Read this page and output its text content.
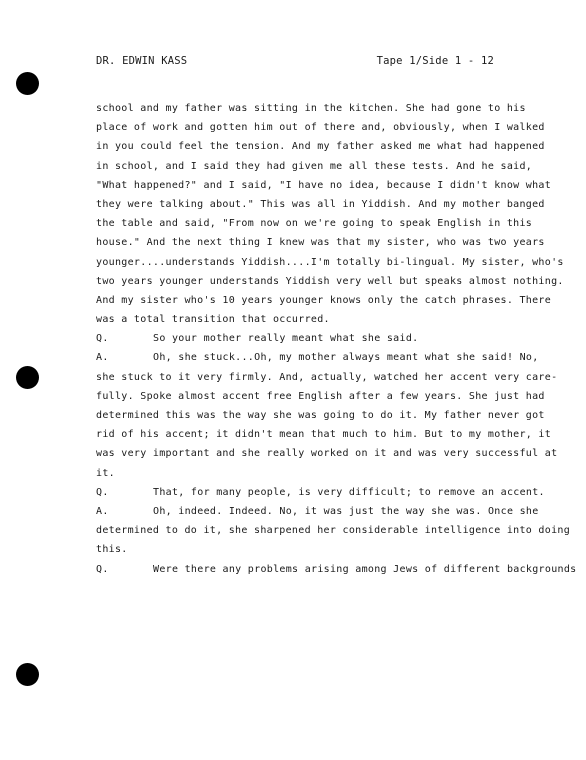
DR. EDWIN KASS	Tape 1/Side 1 - 12
school and my father was sitting in the kitchen. She had gone to his
place of work and gotten him out of there and, obviously, when I walked
in you could feel the tension. And my father asked me what had happened
in school, and I said they had given me all these tests. And he said,
"What happened?" and I said, "I have no idea, because I didn't know what
they were talking about." This was all in Yiddish. And my mother banged
the table and said, "From now on we're going to speak English in this
house." And the next thing I knew was that my sister, who was two years
younger....understands Yiddish....I'm totally bi-lingual. My sister, who's
two years younger understands Yiddish very well but speaks almost nothing.
And my sister who's 10 years younger knows only the catch phrases. There
was a total transition that occurred.
Q.	So your mother really meant what she said.
A.	Oh, she stuck...Oh, my mother always meant what she said! No,
she stuck to it very firmly. And, actually, watched her accent very care-
fully. Spoke almost accent free English after a few years. She just had
determined this was the way she was going to do it. My father never got
rid of his accent; it didn't mean that much to him. But to my mother, it
was very important and she really worked on it and was very successful at
it.
Q.	That, for many people, is very difficult; to remove an accent.
A.	Oh, indeed. Indeed. No, it was just the way she was. Once she
determined to do it, she sharpened her considerable intelligence into doing
this.
Q.	Were there any problems arising among Jews of different backgrounds
